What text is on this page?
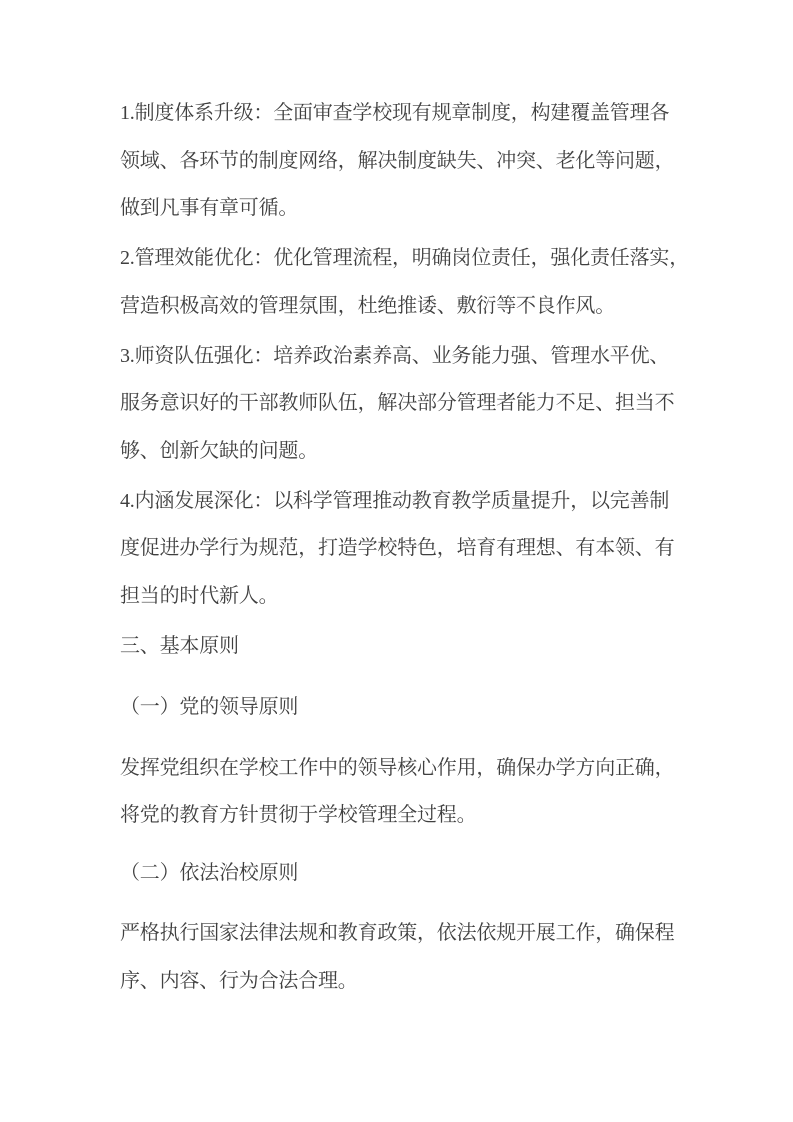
1.制度体系升级：全面审查学校现有规章制度，构建覆盖管理各
领域、各环节的制度网络，解决制度缺失、冲突、老化等问题，
做到凡事有章可循。
2.管理效能优化：优化管理流程，明确岗位责任，强化责任落实，
营造积极高效的管理氛围，杜绝推诿、敷衍等不良作风。
3.师资队伍强化：培养政治素养高、业务能力强、管理水平优、
服务意识好的干部教师队伍，解决部分管理者能力不足、担当不
够、创新欠缺的问题。
4.内涵发展深化：以科学管理推动教育教学质量提升，以完善制
度促进办学行为规范，打造学校特色，培育有理想、有本领、有
担当的时代新人。
三、基本原则
（一）党的领导原则
发挥党组织在学校工作中的领导核心作用，确保办学方向正确，
将党的教育方针贯彻于学校管理全过程。
（二）依法治校原则
严格执行国家法律法规和教育政策，依法依规开展工作，确保程
序、内容、行为合法合理。
